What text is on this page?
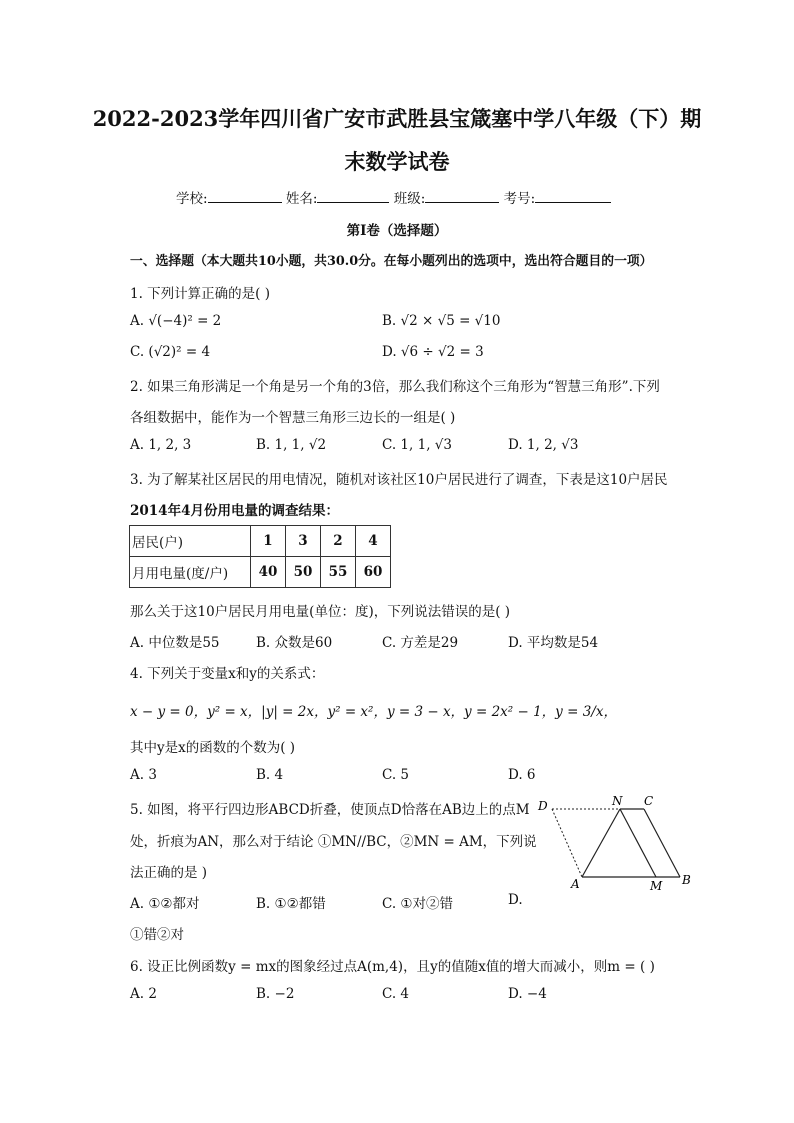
2022-2023学年四川省广安市武胜县宝箴塞中学八年级（下）期
末数学试卷
学校:	姓名:	班级:	考号:
第I卷（选择题）
一、选择题（本大题共10小题，共30.0分。在每小题列出的选项中，选出符合题目的一项）
1. 下列计算正确的是( )
A. √(−4)² = 2	B. √2 × √5 = √10
C. (√2)² = 4	D. √6 ÷ √2 = 3
2. 如果三角形满足一个角是另一个角的3倍，那么我们称这个三角形为“智慧三角形”.下列
各组数据中，能作为一个智慧三角形三边长的一组是( )
A. 1, 2, 3	B. 1, 1, √2	C. 1, 1, √3	D. 1, 2, √3
3. 为了解某社区居民的用电情况，随机对该社区10户居民进行了调查，下表是这10户居民
2014年4月份用电量的调查结果：
居民(户)	1	3	2	4
月用电量(度/户)	40	50	55	60
那么关于这10户居民月用电量(单位：度)，下列说法错误的是( )
A. 中位数是55	B. 众数是60	C. 方差是29	D. 平均数是54
4. 下列关于变量x和y的关系式：
x − y = 0，y² = x，|y| = 2x，y² = x²，y = 3 − x，y = 2x² − 1，y = 3/x，
其中y是x的函数的个数为( )
A. 3	B. 4	C. 5	D. 6
5. 如图，将平行四边形ABCD折叠，使顶点D恰落在AB边上的点M
处，折痕为AN，那么对于结论 ①MN//BC，②MN = AM，下列说
法正确的是 )
A. ①②都对	B. ①②都错	C. ①对②错	D.
①错②对
D	N C
A	M B
6. 设正比例函数y = mx的图象经过点A(m,4)，且y的值随x值的增大而减小，则m = ( )
A. 2	B. −2	C. 4	D. −4
